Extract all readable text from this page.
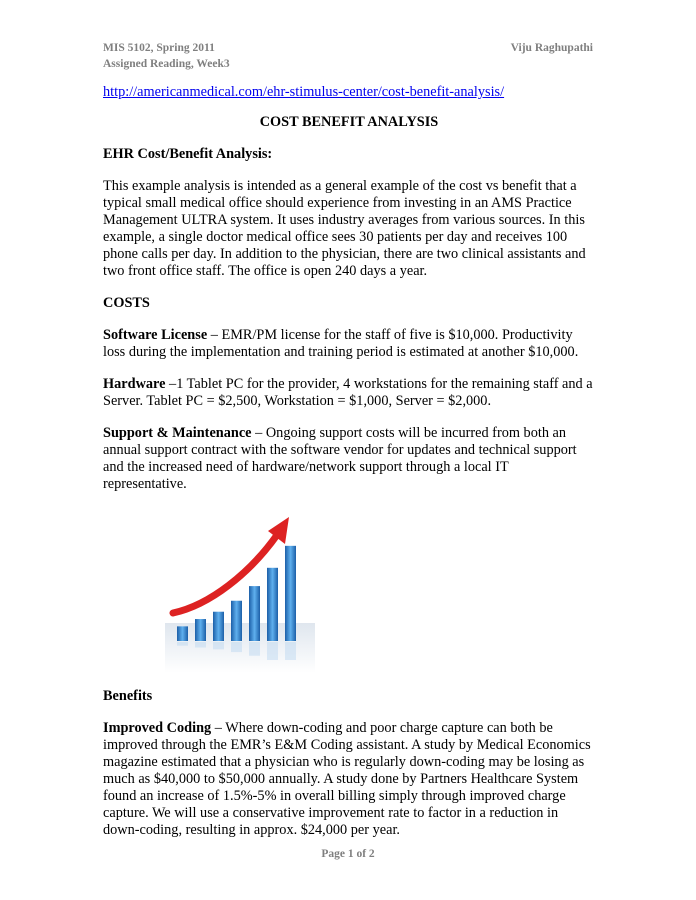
MIS 5102, Spring 2011
Assigned Reading, Week3
Viju Raghupathi
http://americanmedical.com/ehr-stimulus-center/cost-benefit-analysis/
COST BENEFIT ANALYSIS
EHR Cost/Benefit Analysis:

This example analysis is intended as a general example of the cost vs benefit that a typical small medical office should experience from investing in an AMS Practice Management ULTRA system. It uses industry averages from various sources. In this example, a single doctor medical office sees 30 patients per day and receives 100 phone calls per day. In addition to the physician, there are two clinical assistants and two front office staff. The office is open 240 days a year.

COSTS

Software License – EMR/PM license for the staff of five is $10,000. Productivity loss during the implementation and training period is estimated at another $10,000.

Hardware –1 Tablet PC for the provider, 4 workstations for the remaining staff and a Server. Tablet PC = $2,500, Workstation = $1,000, Server = $2,000.

Support & Maintenance – Ongoing support costs will be incurred from both an annual support contract with the software vendor for updates and technical support and the increased need of hardware/network support through a local IT representative.

Benefits

Improved Coding – Where down-coding and poor charge capture can both be improved through the EMR’s E&M Coding assistant. A study by Medical Economics magazine estimated that a physician who is regularly down-coding may be losing as much as $40,000 to $50,000 annually. A study done by Partners Healthcare System found an increase of 1.5%-5% in overall billing simply through improved charge capture. We will use a conservative improvement rate to factor in a reduction in down-coding, resulting in approx. $24,000 per year.

Page 1 of 2
